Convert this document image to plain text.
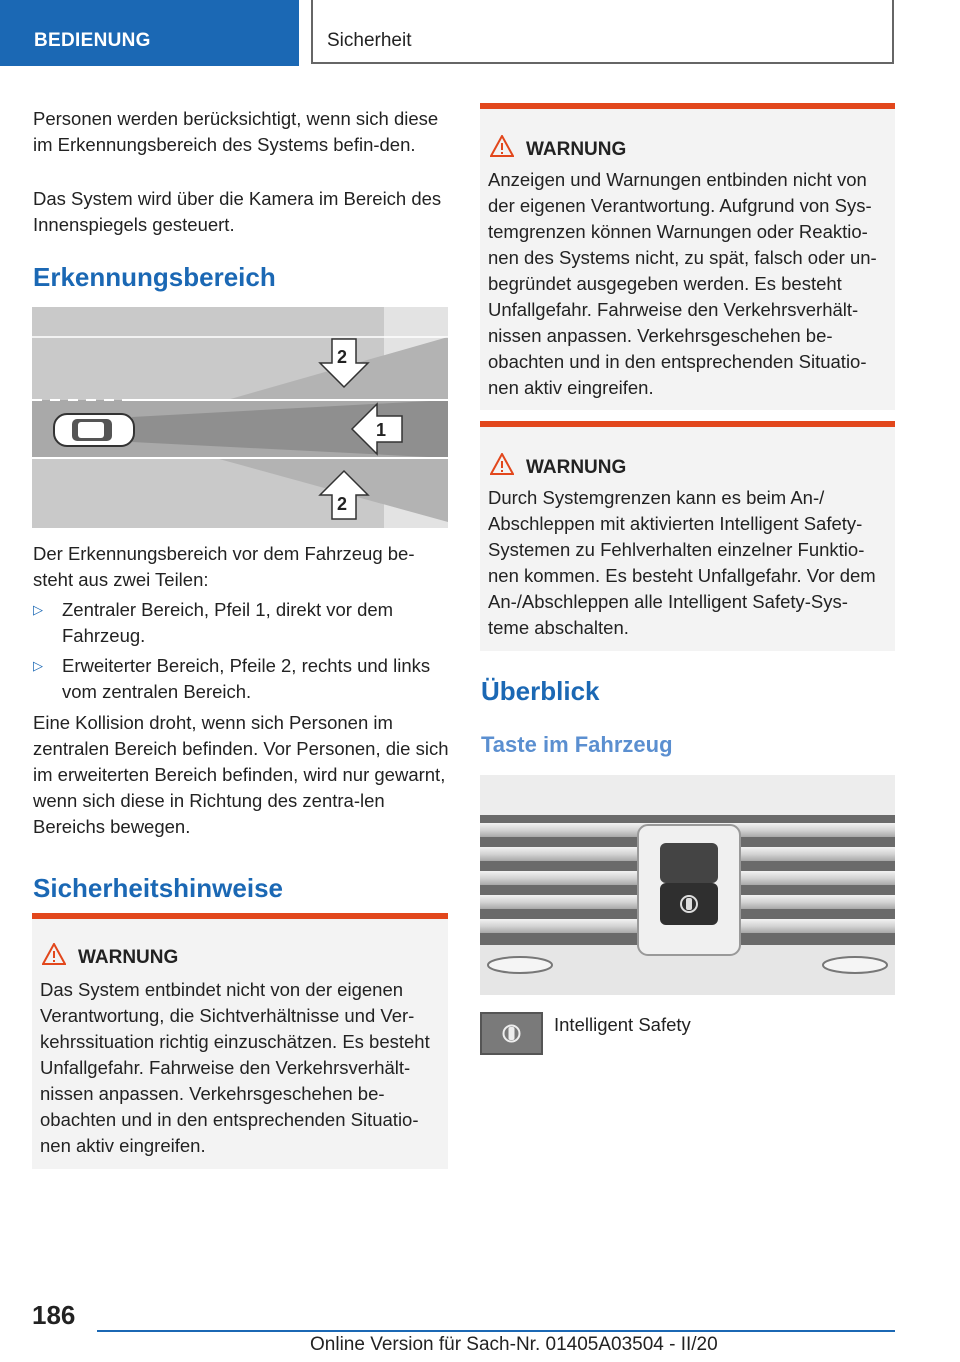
BEDIENUNG	Sicherheit

Personen werden berücksichtigt, wenn sich diese im Erkennungsbereich des Systems befin‐den.

Das System wird über die Kamera im Bereich des Innenspiegels gesteuert.

Erkennungsbereich
1
2
2

Der Erkennungsbereich vor dem Fahrzeug be‐steht aus zwei Teilen:

▷ Zentraler Bereich, Pfeil 1, direkt vor dem Fahrzeug.
▷ Erweiterter Bereich, Pfeile 2, rechts und links vom zentralen Bereich.

Eine Kollision droht, wenn sich Personen im zentralen Bereich befinden. Vor Personen, die sich im erweiterten Bereich befinden, wird nur gewarnt, wenn sich diese in Richtung des zentra‐len Bereichs bewegen.

Sicherheitshinweise
WARNUNG
Das System entbindet nicht von der eigenen Verantwortung, die Sichtverhältnisse und Ver‐kehrssituation richtig einzuschätzen. Es besteht Unfallgefahr. Fahrweise den Verkehrsverhält‐nissen anpassen. Verkehrsgeschehen be‐obachten und in den entsprechenden Situatio‐nen aktiv eingreifen.
WARNUNG
Anzeigen und Warnungen entbinden nicht von der eigenen Verantwortung. Aufgrund von Sys‐temgrenzen können Warnungen oder Reaktio‐nen des Systems nicht, zu spät, falsch oder un‐begründet ausgegeben werden. Es besteht Unfallgefahr. Fahrweise den Verkehrsverhält‐nissen anpassen. Verkehrsgeschehen be‐obachten und in den entsprechenden Situatio‐nen aktiv eingreifen.
WARNUNG
Durch Systemgrenzen kann es beim An-/ Abschleppen mit aktivierten Intelligent Safety-Systemen zu Fehlverhalten einzelner Funktio‐nen kommen. Es besteht Unfallgefahr. Vor dem An-/Abschleppen alle Intelligent Safety-Sys‐teme abschalten.
Überblick
Taste im Fahrzeug
Intelligent Safety
186
Online Version für Sach-Nr. 01405A03504 - II/20
